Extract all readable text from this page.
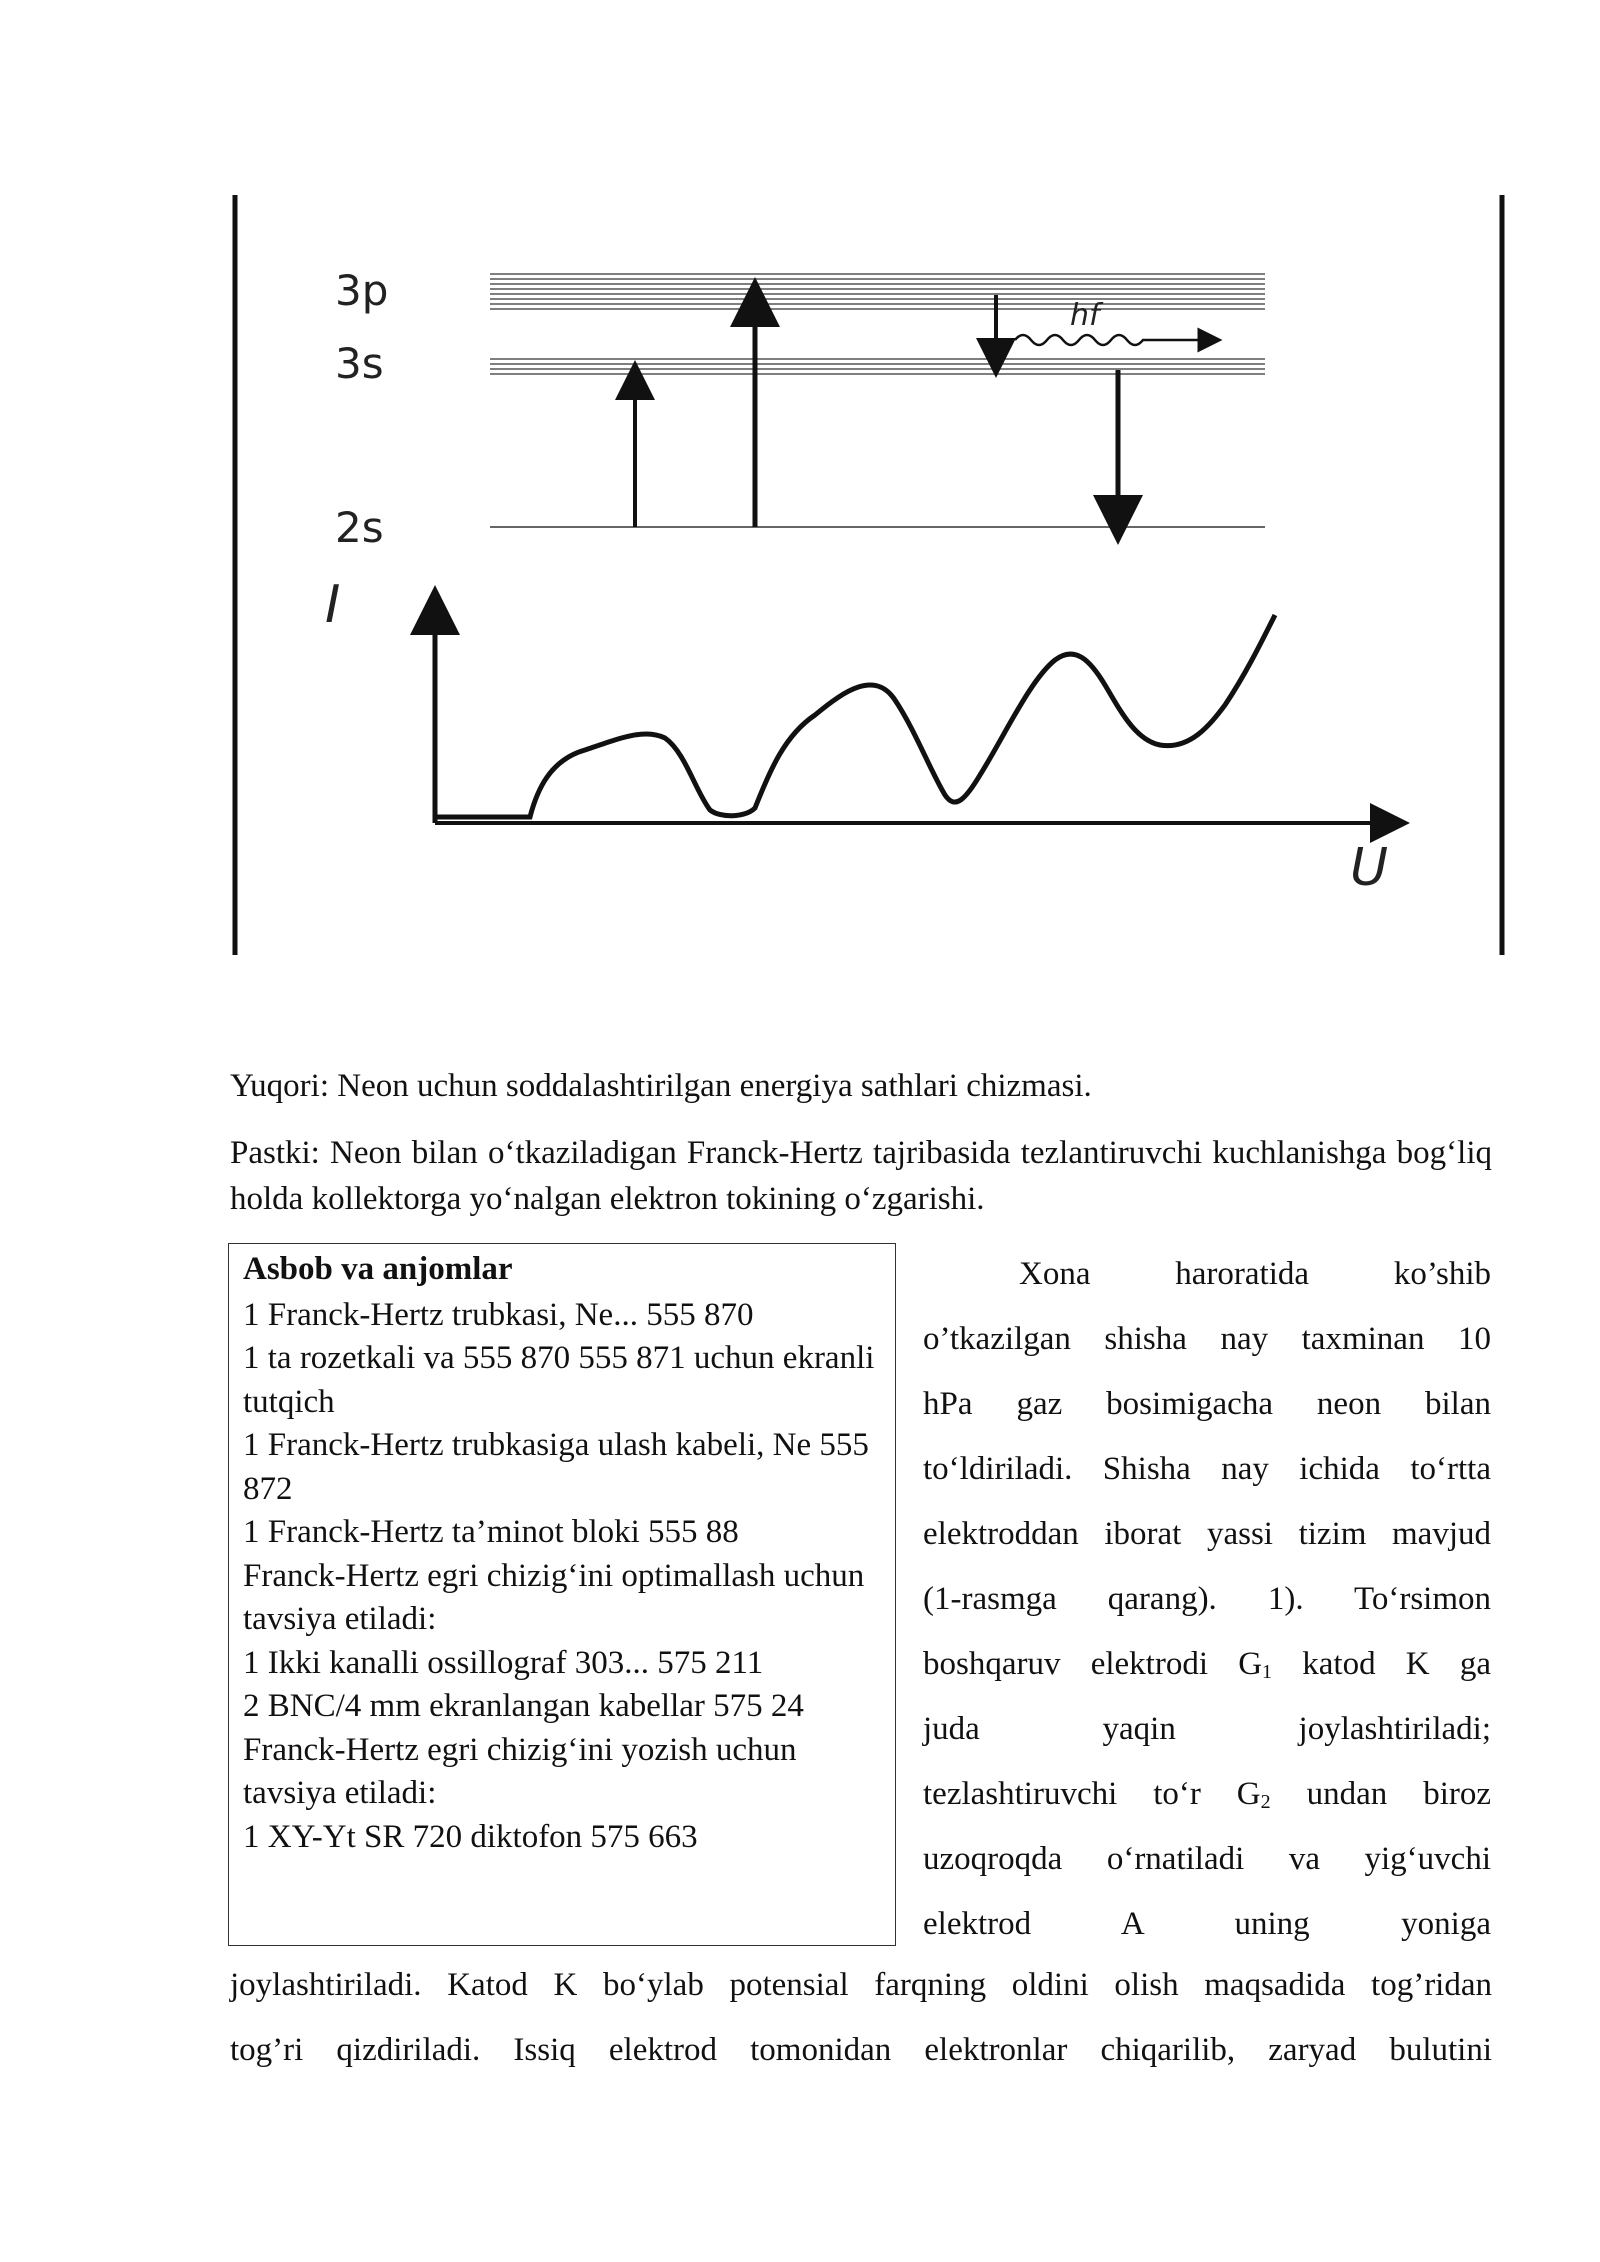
3p
3s
2s
hf
I
U
Yuqori: Neon uchun soddalashtirilgan energiya sathlari chizmasi.
Pastki: Neon bilan o‘tkaziladigan Franck-Hertz tajribasida tezlantiruvchi kuchlanishga bog‘liq holda kollektorga yo‘nalgan elektron tokining o‘zgarishi.
Asbob va anjomlar
1 Franck-Hertz trubkasi, Ne... 555 870
1 ta rozetkali va 555 870 555 871 uchun ekranli tutqich
1 Franck-Hertz trubkasiga ulash kabeli, Ne 555 872
1 Franck-Hertz ta’minot bloki 555 88
Franck-Hertz egri chizig‘ini optimallash uchun tavsiya etiladi:
1 Ikki kanalli ossillograf 303... 575 211
2 BNC/4 mm ekranlangan kabellar 575 24
Franck-Hertz egri chizig‘ini yozish uchun tavsiya etiladi:
1 XY-Yt SR 720 diktofon 575 663
Xona haroratida ko’shib
o’tkazilgan shisha nay taxminan 10
hPa gaz bosimigacha neon bilan
to‘ldiriladi. Shisha nay ichida to‘rtta
elektroddan iborat yassi tizim mavjud
(1-rasmga qarang). 1). To‘rsimon
boshqaruv elektrodi $G_1$ katod K ga
juda yaqin joylashtiriladi;
tezlashtiruvchi to‘r $G_2$ undan biroz
uzoqroqda o‘rnatiladi va yig‘uvchi
elektrod A uning yoniga
joylashtiriladi. Katod K bo‘ylab potensial farqning oldini olish maqsadida tog’ridan
tog’ri qizdiriladi. Issiq elektrod tomonidan elektronlar chiqarilib, zaryad bulutini
